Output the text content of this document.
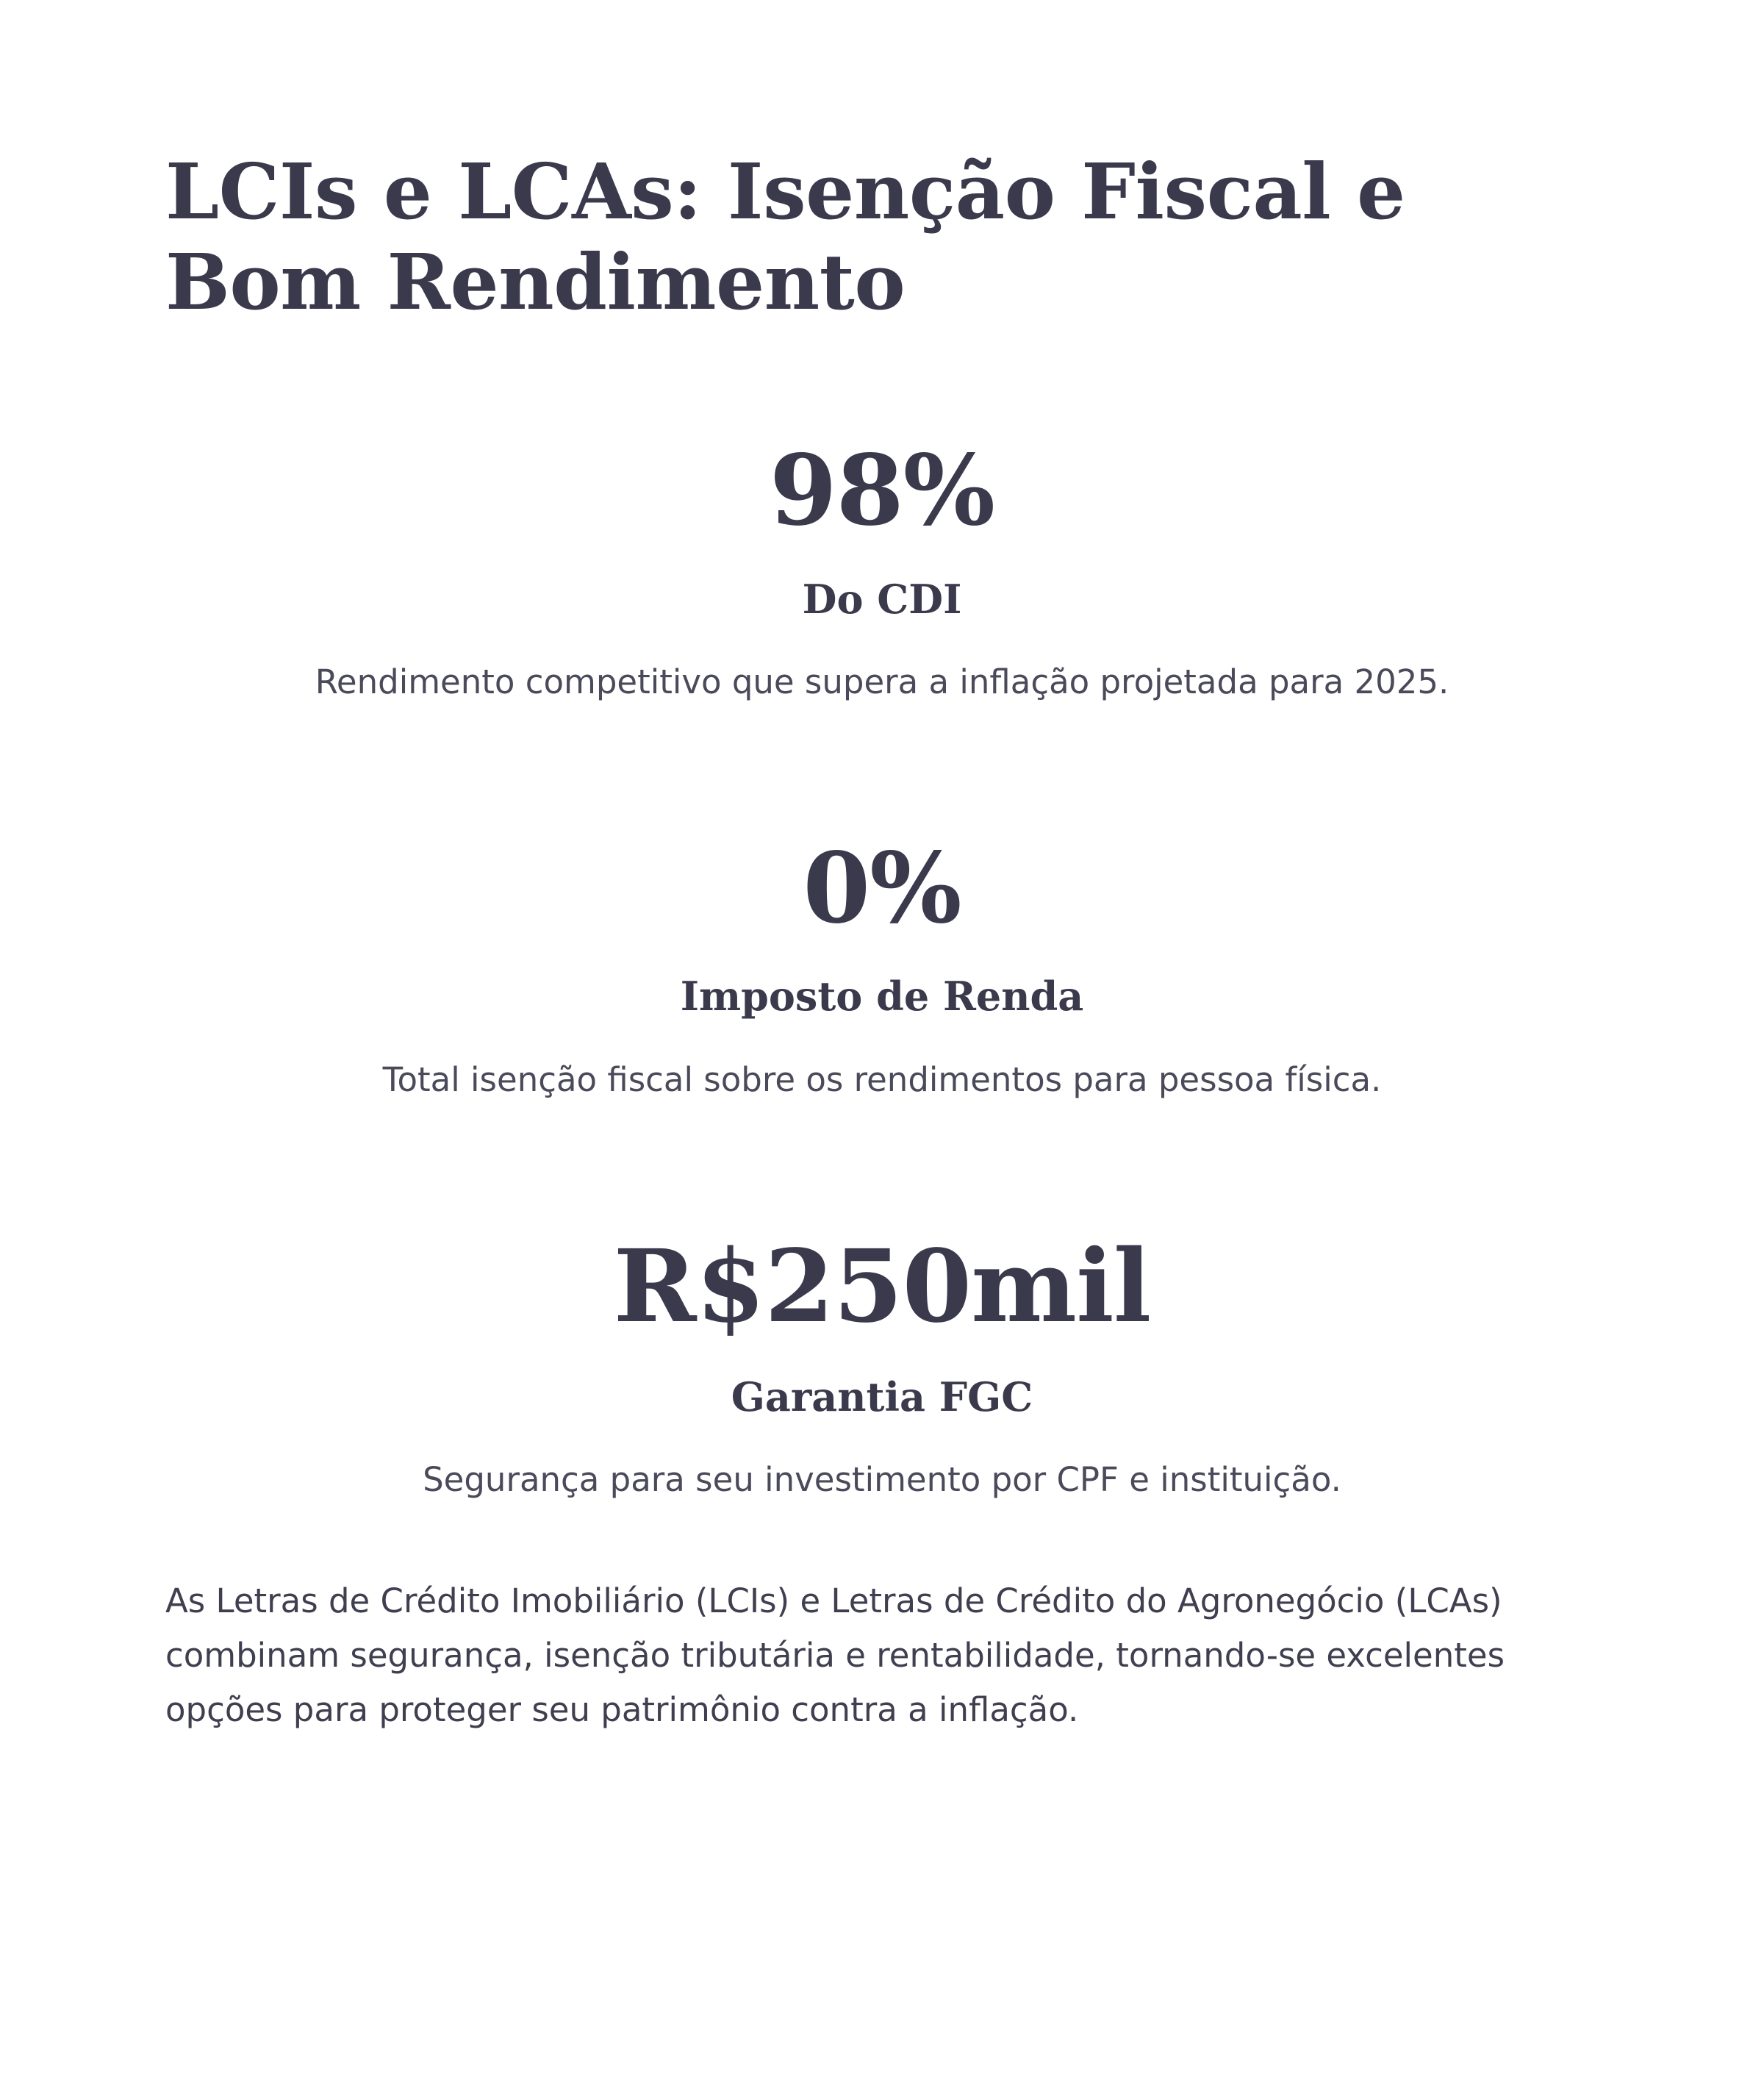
LCIs e LCAs: Isenção Fiscal e Bom Rendimento
98%
Do CDI
Rendimento competitivo que supera a inflação projetada para 2025.
0%
Imposto de Renda
Total isenção fiscal sobre os rendimentos para pessoa física.
R$250mil
Garantia FGC
Segurança para seu investimento por CPF e instituição.

As Letras de Crédito Imobiliário (LCIs) e Letras de Crédito do Agronegócio (LCAs) combinam segurança, isenção tributária e rentabilidade, tornando-se excelentes opções para proteger seu patrimônio contra a inflação.
